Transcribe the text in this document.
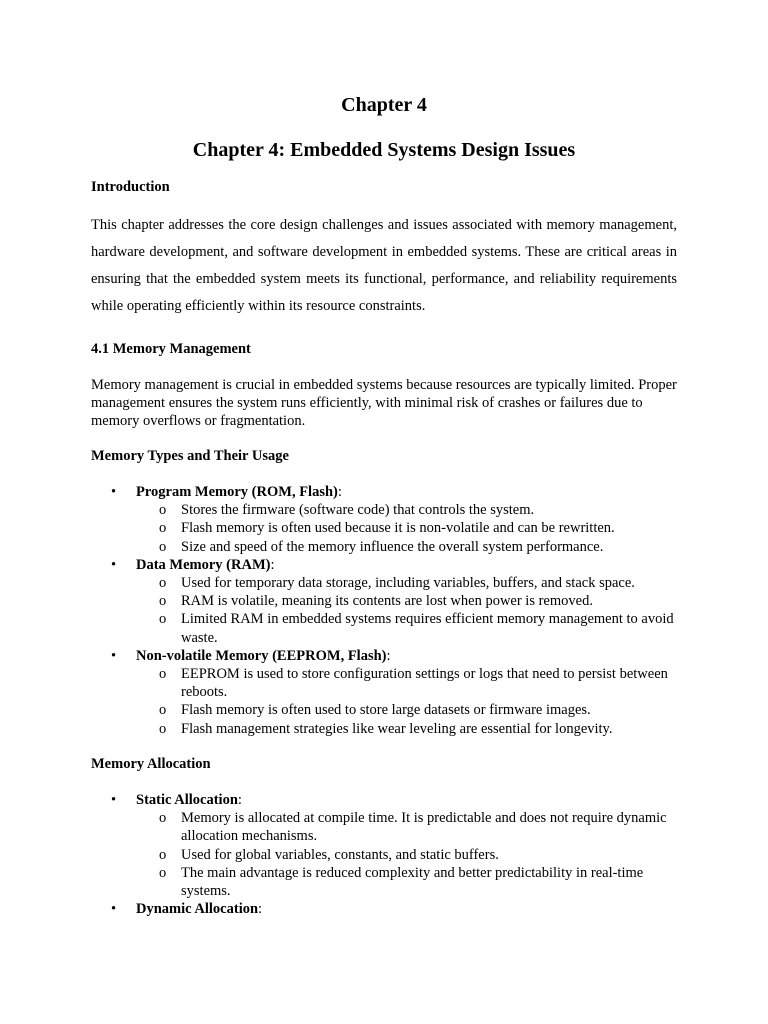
Chapter 4
Chapter 4: Embedded Systems Design Issues

Introduction

This chapter addresses the core design challenges and issues associated with memory management, hardware development, and software development in embedded systems. These are critical areas in ensuring that the embedded system meets its functional, performance, and reliability requirements while operating efficiently within its resource constraints.

4.1 Memory Management

Memory management is crucial in embedded systems because resources are typically limited. Proper management ensures the system runs efficiently, with minimal risk of crashes or failures due to memory overflows or fragmentation.

Memory Types and Their Usage

• Program Memory (ROM, Flash):
o Stores the firmware (software code) that controls the system.
o Flash memory is often used because it is non-volatile and can be rewritten.
o Size and speed of the memory influence the overall system performance.
• Data Memory (RAM):
o Used for temporary data storage, including variables, buffers, and stack space.
o RAM is volatile, meaning its contents are lost when power is removed.
o Limited RAM in embedded systems requires efficient memory management to avoid waste.
• Non-volatile Memory (EEPROM, Flash):
o EEPROM is used to store configuration settings or logs that need to persist between reboots.
o Flash memory is often used to store large datasets or firmware images.
o Flash management strategies like wear leveling are essential for longevity.

Memory Allocation

• Static Allocation:
o Memory is allocated at compile time. It is predictable and does not require dynamic allocation mechanisms.
o Used for global variables, constants, and static buffers.
o The main advantage is reduced complexity and better predictability in real-time systems.
• Dynamic Allocation:
